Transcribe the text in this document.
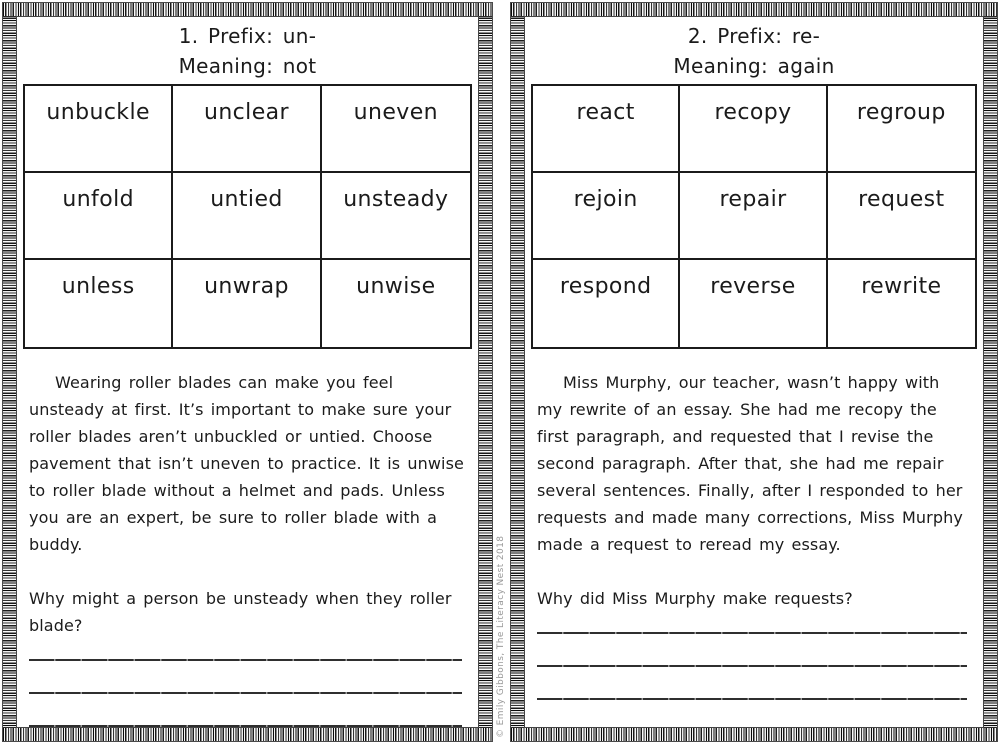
1. Prefix: un-
Meaning: not
unbuckle	unclear	uneven
unfold	untied	unsteady
unless	unwrap	unwise

Wearing roller blades can make you feel unsteady at first. It’s important to make sure your roller blades aren’t unbuckled or untied. Choose pavement that isn’t uneven to practice. It is unwise to roller blade without a helmet and pads. Unless you are an expert, be sure to roller blade with a buddy.

Why might a person be unsteady when they roller blade?

2. Prefix: re-
Meaning: again
react	recopy	regroup
rejoin	repair	request
respond	reverse	rewrite

Miss Murphy, our teacher, wasn’t happy with my rewrite of an essay. She had me recopy the first paragraph, and requested that I revise the second paragraph. After that, she had me repair several sentences. Finally, after I responded to her requests and made many corrections, Miss Murphy made a request to reread my essay.

Why did Miss Murphy make requests?

© Emily Gibbons, The Literacy Nest 2018
